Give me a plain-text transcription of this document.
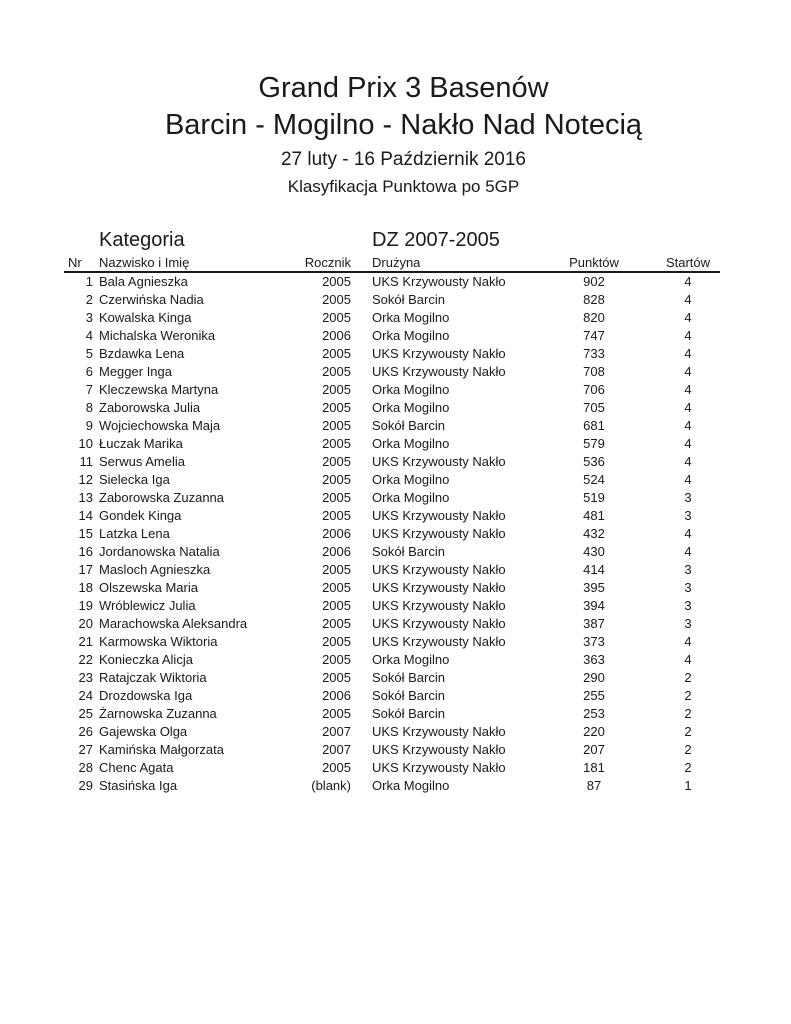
Grand Prix 3 Basenów
Barcin - Mogilno - Nakło Nad Notecią
27 luty - 16 Październik 2016
Klasyfikacja Punktowa po 5GP
Kategoria	DZ 2007-2005
Nr	Nazwisko i Imię	Rocznik Drużyna	Punktów	Startów
1 Bala Agnieszka	2005 UKS Krzywousty Nakło	902	4
2 Czerwińska Nadia	2005 Sokół Barcin	828	4
3 Kowalska Kinga	2005 Orka Mogilno	820	4
4 Michalska Weronika	2006 Orka Mogilno	747	4
5 Bzdawka Lena	2005 UKS Krzywousty Nakło	733	4
6 Megger Inga	2005 UKS Krzywousty Nakło	708	4
7 Kleczewska Martyna	2005 Orka Mogilno	706	4
8 Zaborowska Julia	2005 Orka Mogilno	705	4
9 Wojciechowska Maja	2005 Sokół Barcin	681	4
10 Łuczak Marika	2005 Orka Mogilno	579	4
11 Serwus Amelia	2005 UKS Krzywousty Nakło	536	4
12 Sielecka Iga	2005 Orka Mogilno	524	4
13 Zaborowska Zuzanna	2005 Orka Mogilno	519	3
14 Gondek Kinga	2005 UKS Krzywousty Nakło	481	3
15 Latzka Lena	2006 UKS Krzywousty Nakło	432	4
16 Jordanowska Natalia	2006 Sokół Barcin	430	4
17 Masloch Agnieszka	2005 UKS Krzywousty Nakło	414	3
18 Olszewska Maria	2005 UKS Krzywousty Nakło	395	3
19 Wróblewicz Julia	2005 UKS Krzywousty Nakło	394	3
20 Marachowska Aleksandra	2005 UKS Krzywousty Nakło	387	3
21 Karmowska Wiktoria	2005 UKS Krzywousty Nakło	373	4
22 Konieczka Alicja	2005 Orka Mogilno	363	4
23 Ratajczak Wiktoria	2005 Sokół Barcin	290	2
24 Drozdowska Iga	2006 Sokół Barcin	255	2
25 Żarnowska Zuzanna	2005 Sokół Barcin	253	2
26 Gajewska Olga	2007 UKS Krzywousty Nakło	220	2
27 Kamińska Małgorzata	2007 UKS Krzywousty Nakło	207	2
28 Chenc Agata	2005 UKS Krzywousty Nakło	181	2
29 Stasińska Iga	(blank) Orka Mogilno	87	1
